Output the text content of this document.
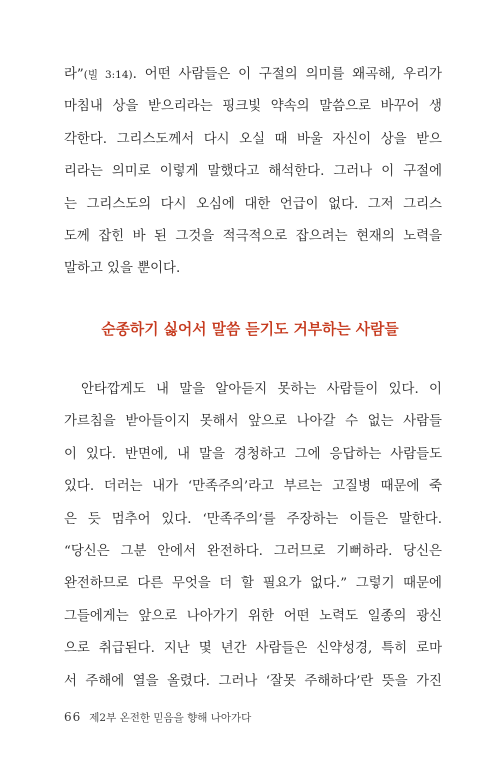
라”(빌 3:14). 어떤 사람들은 이 구절의 의미를 왜곡해, 우리가
마침내 상을 받으리라는 핑크빛 약속의 말씀으로 바꾸어 생
각한다. 그리스도께서 다시 오실 때 바울 자신이 상을 받으
리라는 의미로 이렇게 말했다고 해석한다. 그러나 이 구절에
는 그리스도의 다시 오심에 대한 언급이 없다. 그저 그리스
도께 잡힌 바 된 그것을 적극적으로 잡으려는 현재의 노력을
말하고 있을 뿐이다.
순종하기 싫어서 말씀 듣기도 거부하는 사람들
안타깝게도 내 말을 알아듣지 못하는 사람들이 있다. 이
가르침을 받아들이지 못해서 앞으로 나아갈 수 없는 사람들
이 있다. 반면에, 내 말을 경청하고 그에 응답하는 사람들도
있다. 더러는 내가 ‘만족주의’라고 부르는 고질병 때문에 죽
은 듯 멈추어 있다. ‘만족주의’를 주장하는 이들은 말한다.
“당신은 그분 안에서 완전하다. 그러므로 기뻐하라. 당신은
완전하므로 다른 무엇을 더 할 필요가 없다.” 그렇기 때문에
그들에게는 앞으로 나아가기 위한 어떤 노력도 일종의 광신
으로 취급된다. 지난 몇 년간 사람들은 신약성경, 특히 로마
서 주해에 열을 올렸다. 그러나 ‘잘못 주해하다’란 뜻을 가진
66 제2부 온전한 믿음을 향해 나아가다
